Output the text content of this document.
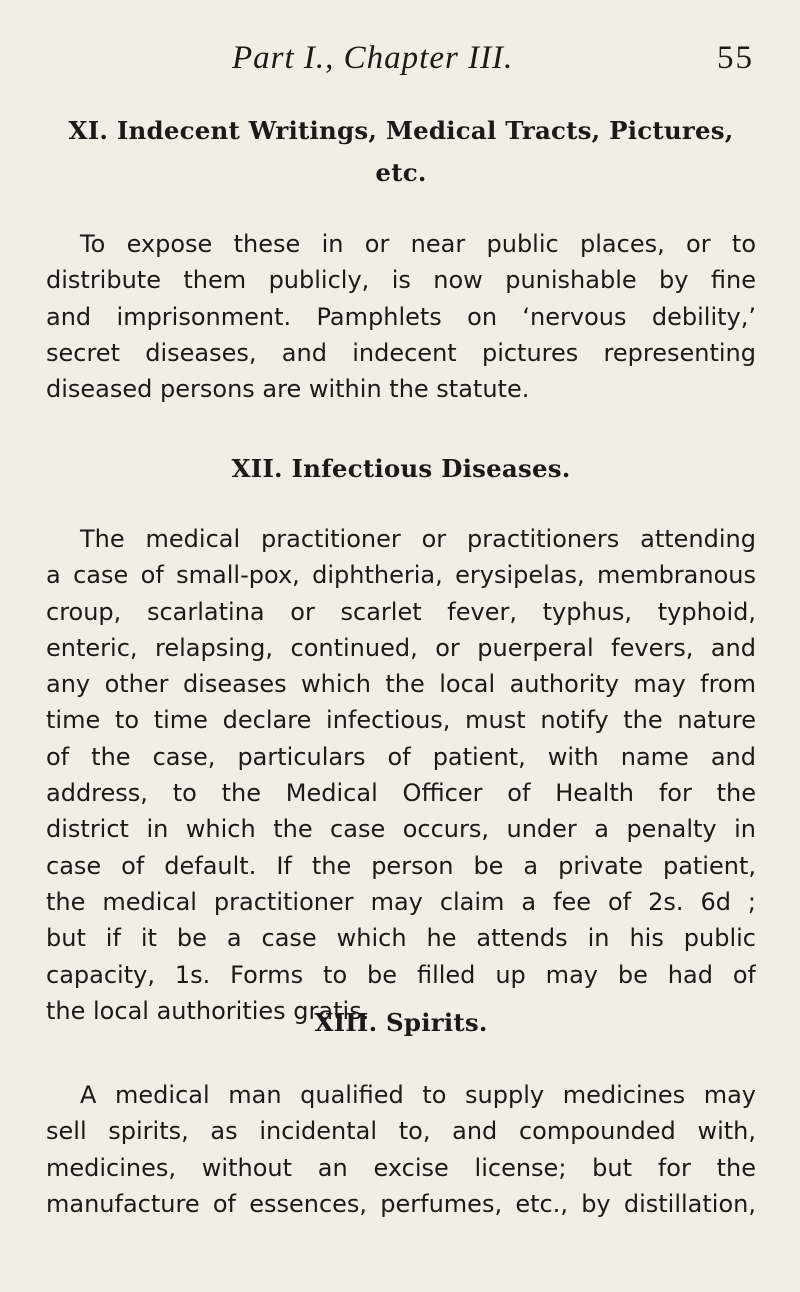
Part I., Chapter III.	55
XI. Indecent Writings, Medical Tracts, Pictures,
etc.
To expose these in or near public places, or to
distribute them publicly, is now punishable by fine
and imprisonment. Pamphlets on ‘nervous debility,’
secret diseases, and indecent pictures representing
diseased persons are within the statute.
XII. Infectious Diseases.
The medical practitioner or practitioners attending
a case of small-pox, diphtheria, erysipelas, membranous
croup, scarlatina or scarlet fever, typhus, typhoid,
enteric, relapsing, continued, or puerperal fevers, and
any other diseases which the local authority may from
time to time declare infectious, must notify the nature
of the case, particulars of patient, with name and
address, to the Medical Officer of Health for the
district in which the case occurs, under a penalty in
case of default. If the person be a private patient,
the medical practitioner may claim a fee of 2s. 6d ;
but if it be a case which he attends in his public
capacity, 1s. Forms to be filled up may be had of
the local authorities gratis.
XIII. Spirits.
A medical man qualified to supply medicines may
sell spirits, as incidental to, and compounded with,
medicines, without an excise license; but for the
manufacture of essences, perfumes, etc., by distillation,
